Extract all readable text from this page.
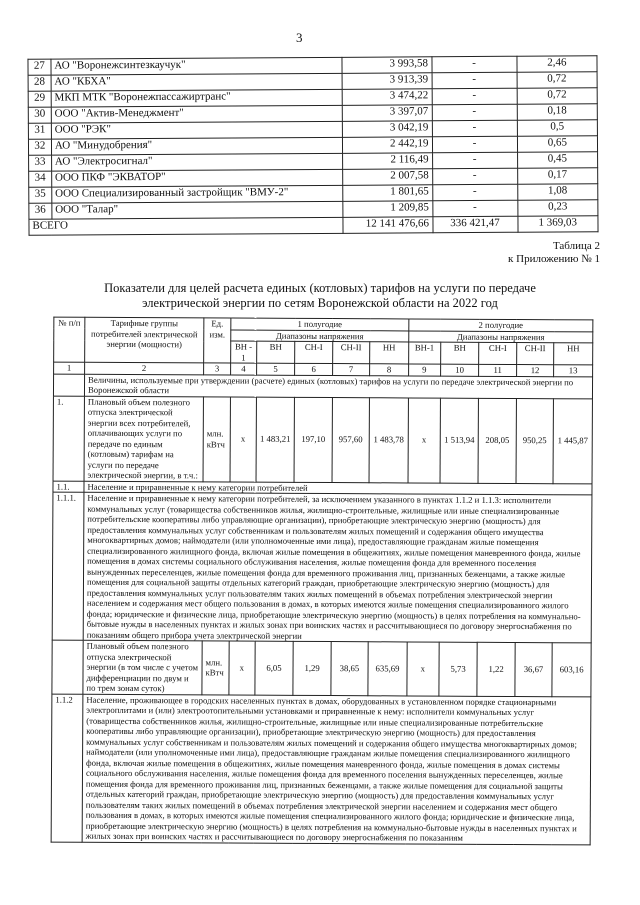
3
27	АО "Воронежсинтезкаучук"	3 993,58	-	2,46
28	АО "КБХА"	3 913,39	-	0,72
29	МКП МТК "Воронежпассажиртранс"	3 474,22	-	0,72
30	ООО "Актив-Менеджмент"	3 397,07	-	0,18
31	ООО "РЭК"	3 042,19	-	0,5
32	АО "Минудобрения"	2 442,19	-	0,65
33	АО "Электросигнал"	2 116,49	-	0,45
34	ООО ПКФ "ЭКВАТОР"	2 007,58	-	0,17
35	ООО Специализированный застройщик "ВМУ-2"	1 801,65	-	1,08
36	ООО "Талар"	1 209,85	-	0,23
ВСЕГО		12 141 476,66	336 421,47	1 369,03
Таблица 2
к Приложению № 1
Показатели для целей расчета единых (котловых) тарифов на услуги по передаче электрической энергии по сетям Воронежской области на 2022 год
№ п/п	Тарифные группы потребителей электрической энергии (мощности)	Ед. изм.	1 полугодие					2 полугодие				
			Диапазоны напряжения					Диапазоны напряжения				
			ВН - 1	ВН	СН-I	СН-II	НН	ВН-1	ВН	СН-I	СН-II	НН
1	2	3	4	5	6	7	8	9	10	11	12	13
	Величины, используемые при утверждении (расчете) единых (котловых) тарифов на услуги по передаче электрической энергии по Воронежской области											
1.	Плановый объем полезного отпуска электрической энергии всех потребителей, оплачивающих услуги по передаче по единым (котловым) тарифам на услуги по передаче электрической энергии, в т.ч.:	млн. кВтч	х	1 483,21	197,10	957,60	1 483,78	х	1 513,94	208,05	950,25	1 445,87
1.1.	Население и приравненные к нему категории потребителей											
1.1.1.	Население и приравненные к нему категории потребителей, за исключением указанного в пунктах 1.1.2 и 1.1.3: исполнители коммунальных услуг (товарищества собственников жилья, жилищно-строительные, жилищные или иные специализированные потребительские кооперативы либо управляющие организации), приобретающие электрическую энергию (мощность) для предоставления коммунальных услуг собственникам и пользователям жилых помещений и содержания общего имущества многоквартирных домов; наймодатели (или уполномоченные ими лица), предоставляющие гражданам жилые помещения специализированного жилищного фонда, включая жилые помещения в общежитиях, жилые помещения маневренного фонда, жилые помещения в домах системы социального обслуживания населения, жилые помещения фонда для временного поселения вынужденных переселенцев, жилые помещения фонда для временного проживания лиц, признанных беженцами, а также жилые помещения для социальной защиты отдельных категорий граждан, приобретающие электрическую энергию (мощность) для предоставления коммунальных услуг пользователям таких жилых помещений в объемах потребления электрической энергии населением и содержания мест общего пользования в домах, в которых имеются жилые помещения специализированного жилого фонда; юридические и физические лица, приобретающие электрическую энергию (мощность) в целях потребления на коммунально-бытовые нужды в населенных пунктах и жилых зонах при воинских частях и рассчитывающиеся по договору энергоснабжения по показаниям общего прибора учета электрической энергии											
	Плановый объем полезного отпуска электрической энергии (в том числе с учетом дифференциации по двум и по трем зонам суток)	млн. кВтч	х	6,05	1,29	38,65	635,69	х	5,73	1,22	36,67	603,16
1.1.2	Население, проживающее в городских населенных пунктах в домах, оборудованных в установленном порядке стационарными электроплитами и (или) электроотопительными установками и приравненные к нему: исполнители коммунальных услуг (товарищества собственников жилья, жилищно-строительные, жилищные или иные специализированные потребительские кооперативы либо управляющие организации), приобретающие электрическую энергию (мощность) для предоставления коммунальных услуг собственникам и пользователям жилых помещений и содержания общего имущества многоквартирных домов; наймодатели (или уполномоченные ими лица), предоставляющие гражданам жилые помещения специализированного жилищного фонда, включая жилые помещения в общежитиях, жилые помещения маневренного фонда, жилые помещения в домах системы социального обслуживания населения, жилые помещения фонда для временного поселения вынужденных переселенцев, жилые помещения фонда для временного проживания лиц, признанных беженцами, а также жилые помещения для социальной защиты отдельных категорий граждан, приобретающие электрическую энергию (мощность) для предоставления коммунальных услуг пользователям таких жилых помещений в объемах потребления электрической энергии населением и содержания мест общего пользования в домах, в которых имеются жилые помещения специализированного жилого фонда; юридические и физические лица, приобретающие электрическую энергию (мощность) в целях потребления на коммунально-бытовые нужды в населенных пунктах и жилых зонах при воинских частях и рассчитывающиеся по договору энергоснабжения по показаниям											
